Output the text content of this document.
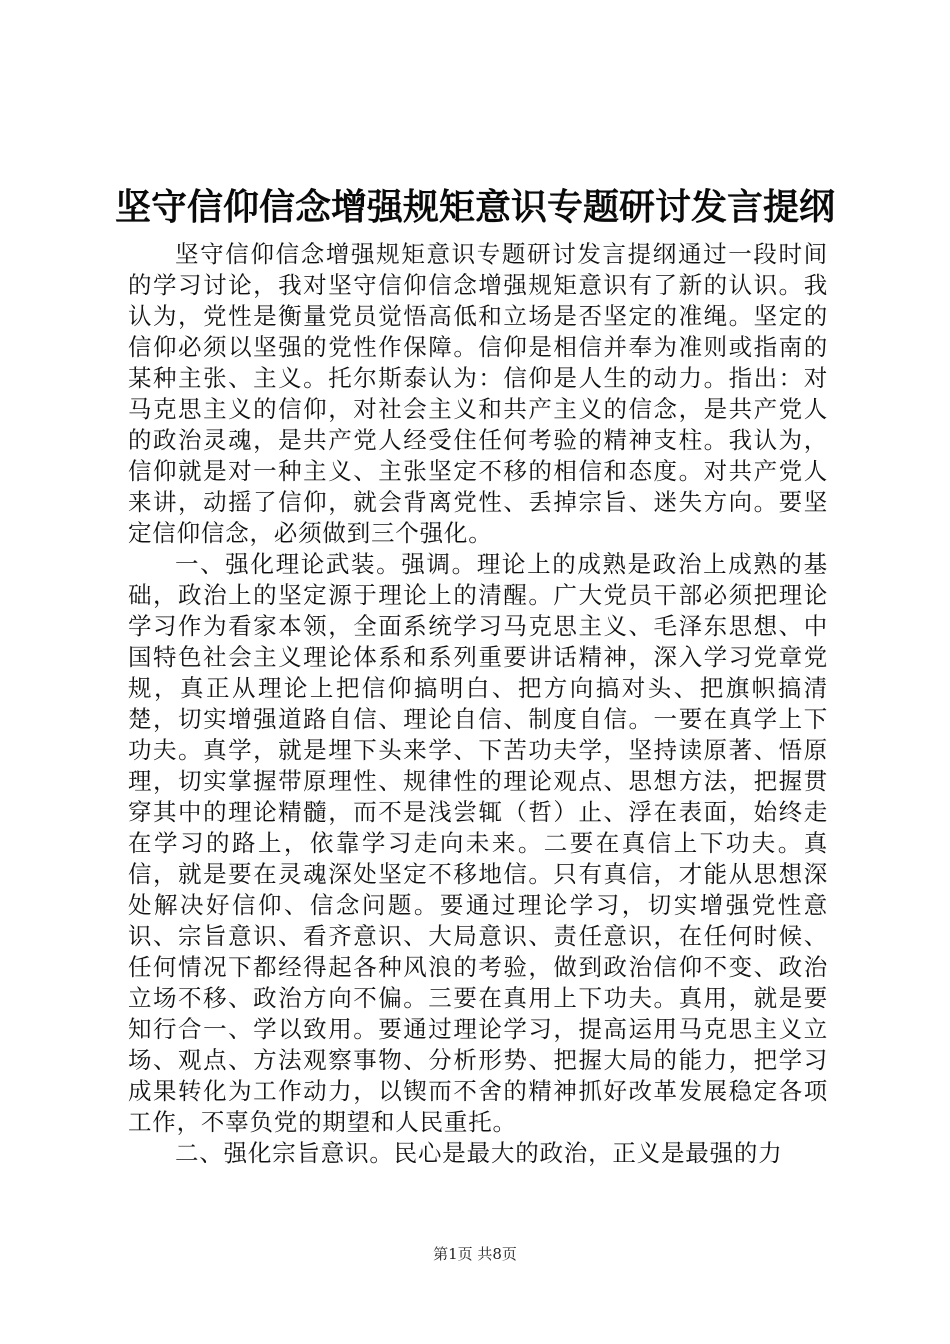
坚守信仰信念增强规矩意识专题研讨发言提纲

坚守信仰信念增强规矩意识专题研讨发言提纲通过一段时间的学习讨论，我对坚守信仰信念增强规矩意识有了新的认识。我认为，党性是衡量党员觉悟高低和立场是否坚定的准绳。坚定的信仰必须以坚强的党性作保障。信仰是相信并奉为准则或指南的某种主张、主义。托尔斯泰认为：信仰是人生的动力。指出：对马克思主义的信仰，对社会主义和共产主义的信念，是共产党人的政治灵魂，是共产党人经受住任何考验的精神支柱。我认为，信仰就是对一种主义、主张坚定不移的相信和态度。对共产党人来讲，动摇了信仰，就会背离党性、丢掉宗旨、迷失方向。要坚定信仰信念，必须做到三个强化。

一、强化理论武装。强调。理论上的成熟是政治上成熟的基础，政治上的坚定源于理论上的清醒。广大党员干部必须把理论学习作为看家本领，全面系统学习马克思主义、毛泽东思想、中国特色社会主义理论体系和系列重要讲话精神，深入学习党章党规，真正从理论上把信仰搞明白、把方向搞对头、把旗帜搞清楚，切实增强道路自信、理论自信、制度自信。一要在真学上下功夫。真学，就是埋下头来学、下苦功夫学，坚持读原著、悟原理，切实掌握带原理性、规律性的理论观点、思想方法，把握贯穿其中的理论精髓，而不是浅尝辄（哲）止、浮在表面，始终走在学习的路上，依靠学习走向未来。二要在真信上下功夫。真信，就是要在灵魂深处坚定不移地信。只有真信，才能从思想深处解决好信仰、信念问题。要通过理论学习，切实增强党性意识、宗旨意识、看齐意识、大局意识、责任意识，在任何时候、任何情况下都经得起各种风浪的考验，做到政治信仰不变、政治立场不移、政治方向不偏。三要在真用上下功夫。真用，就是要知行合一、学以致用。要通过理论学习，提高运用马克思主义立场、观点、方法观察事物、分析形势、把握大局的能力，把学习成果转化为工作动力，以锲而不舍的精神抓好改革发展稳定各项工作，不辜负党的期望和人民重托。

二、强化宗旨意识。民心是最大的政治，正义是最强的力

第1页 共8页
